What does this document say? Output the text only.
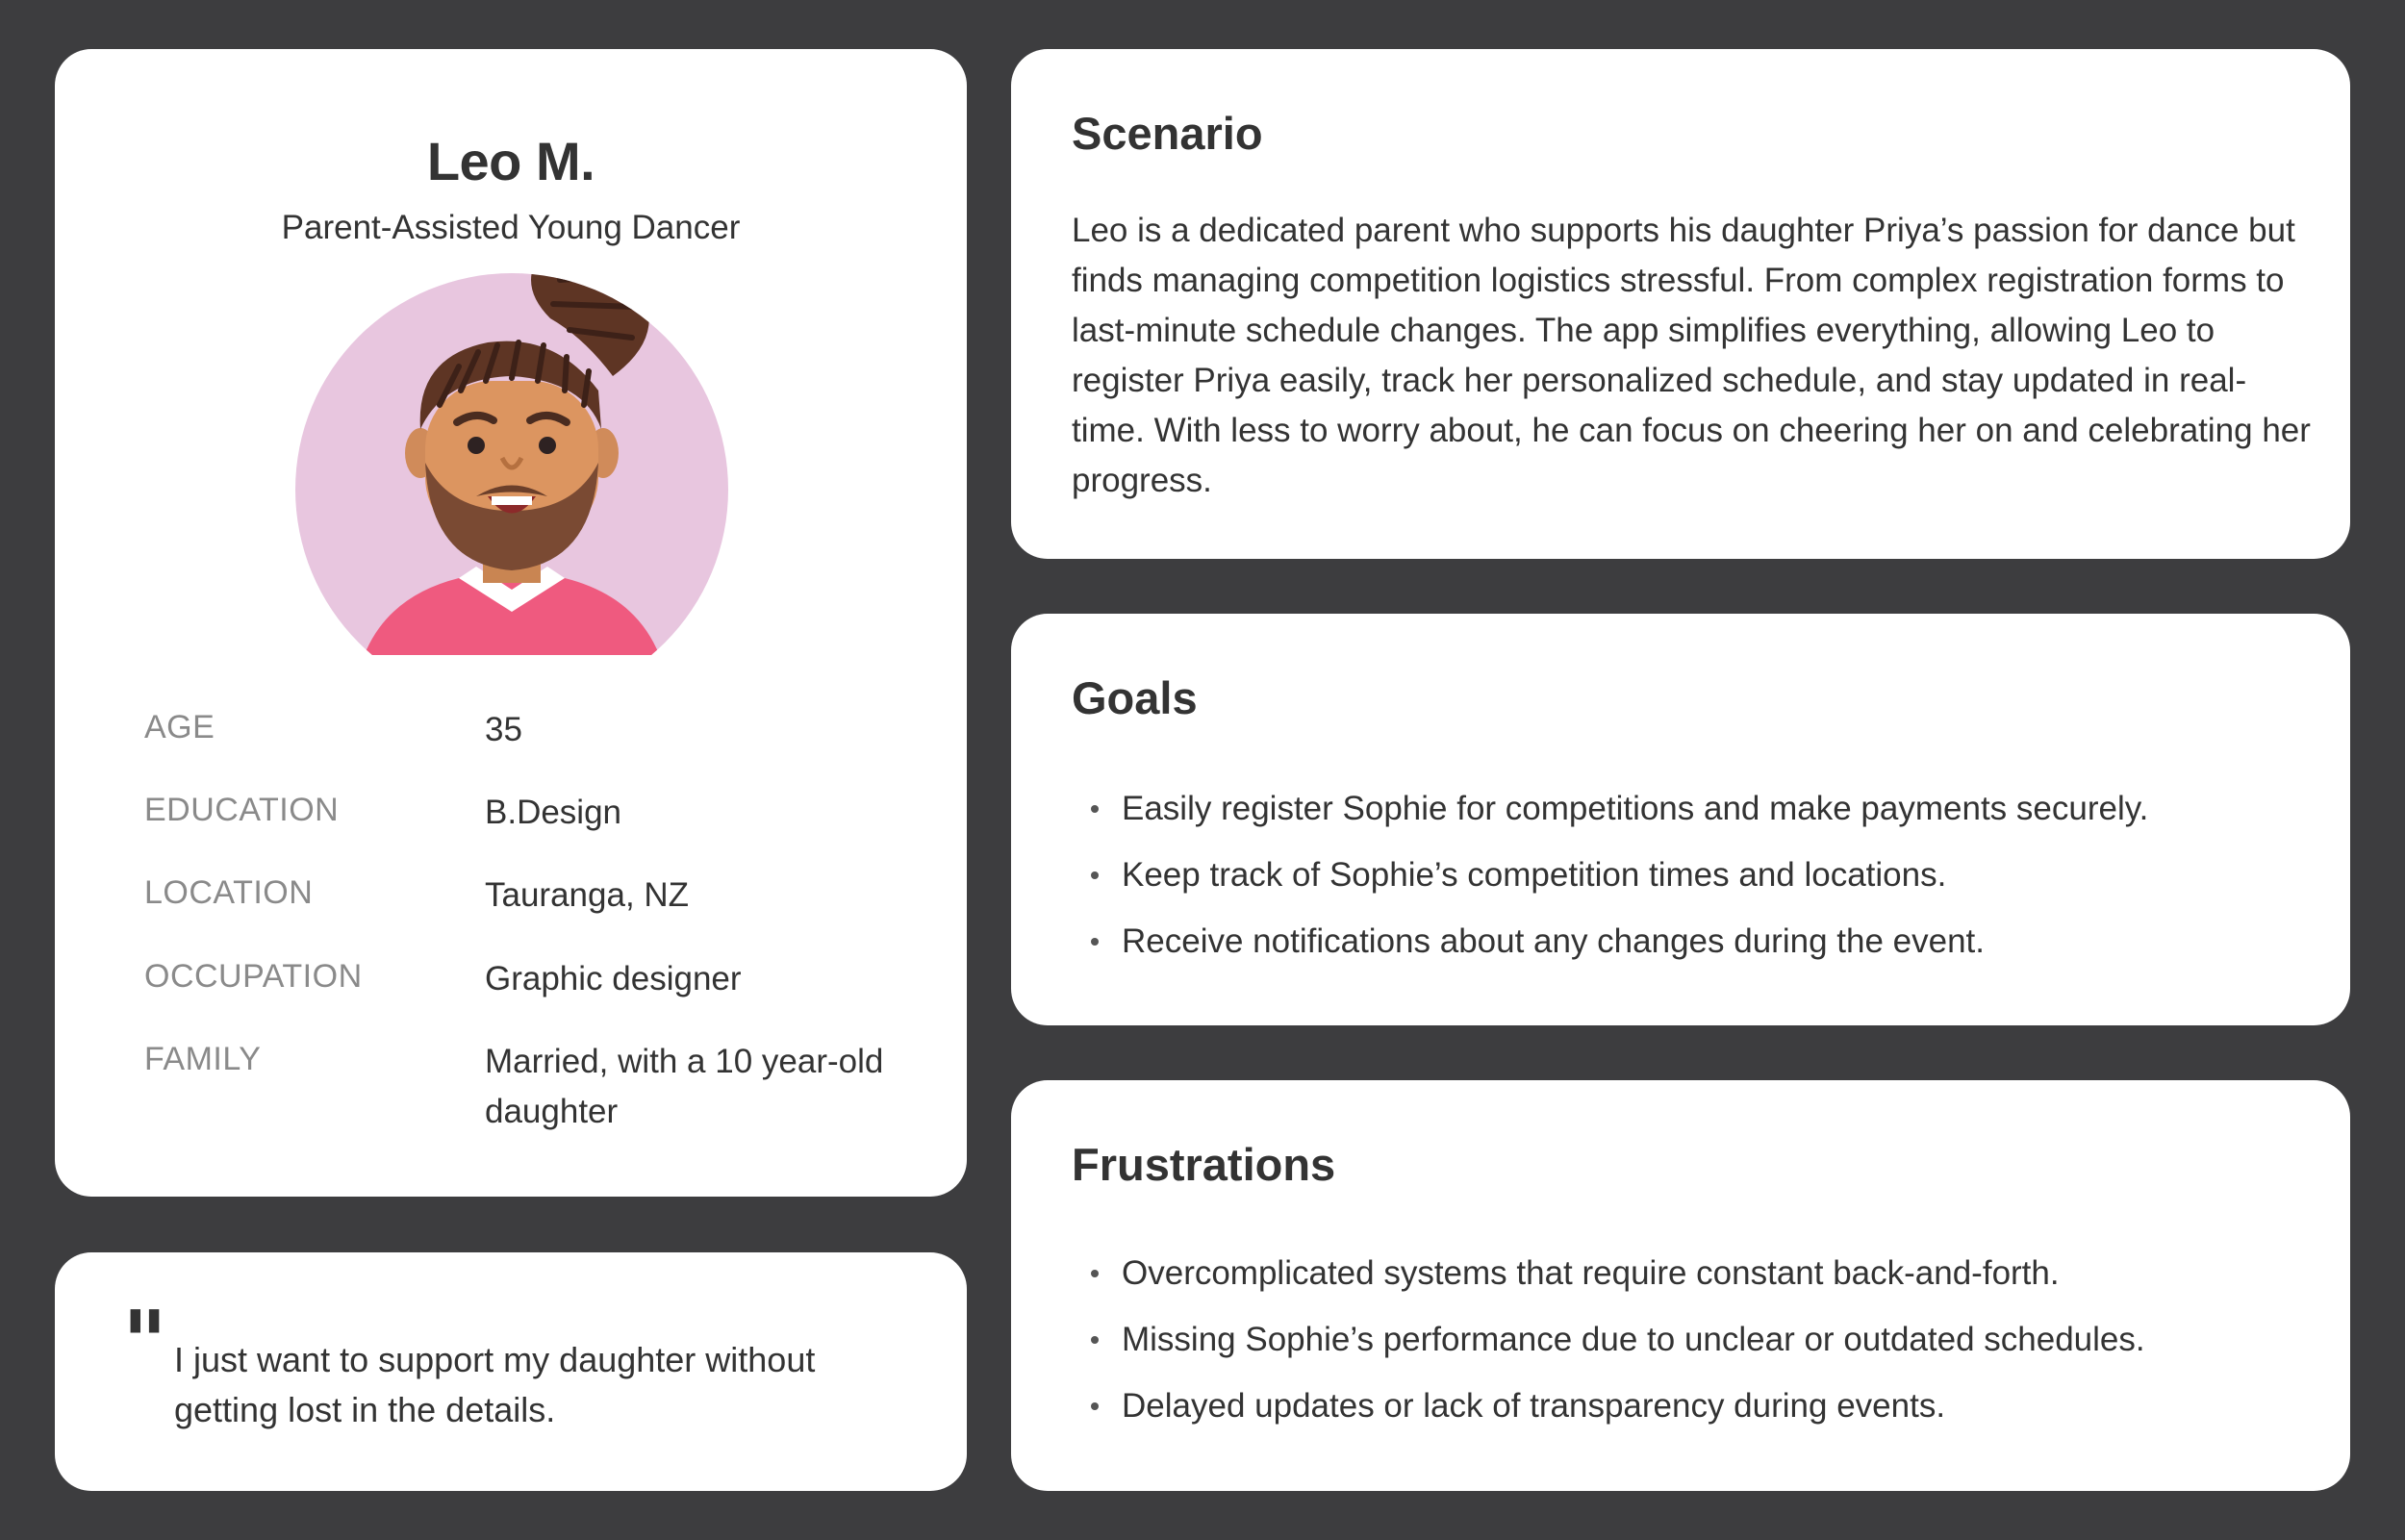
Leo M.
Parent-Assisted Young Dancer
AGE	35
EDUCATION	B.Design
LOCATION	Tauranga, NZ
OCCUPATION	Graphic designer
FAMILY	Married, with a 10 year-old daughter
" I just want to support my daughter without getting lost in the details.
Scenario
Leo is a dedicated parent who supports his daughter Priya’s passion for dance but finds managing competition logistics stressful. From complex registration forms to last-minute schedule changes. The app simplifies everything, allowing Leo to register Priya easily, track her personalized schedule, and stay updated in real-time. With less to worry about, he can focus on cheering her on and celebrating her progress.
Goals
Easily register Sophie for competitions and make payments securely.
Keep track of Sophie’s competition times and locations.
Receive notifications about any changes during the event.
Frustrations
Overcomplicated systems that require constant back-and-forth.
Missing Sophie’s performance due to unclear or outdated schedules.
Delayed updates or lack of transparency during events.
